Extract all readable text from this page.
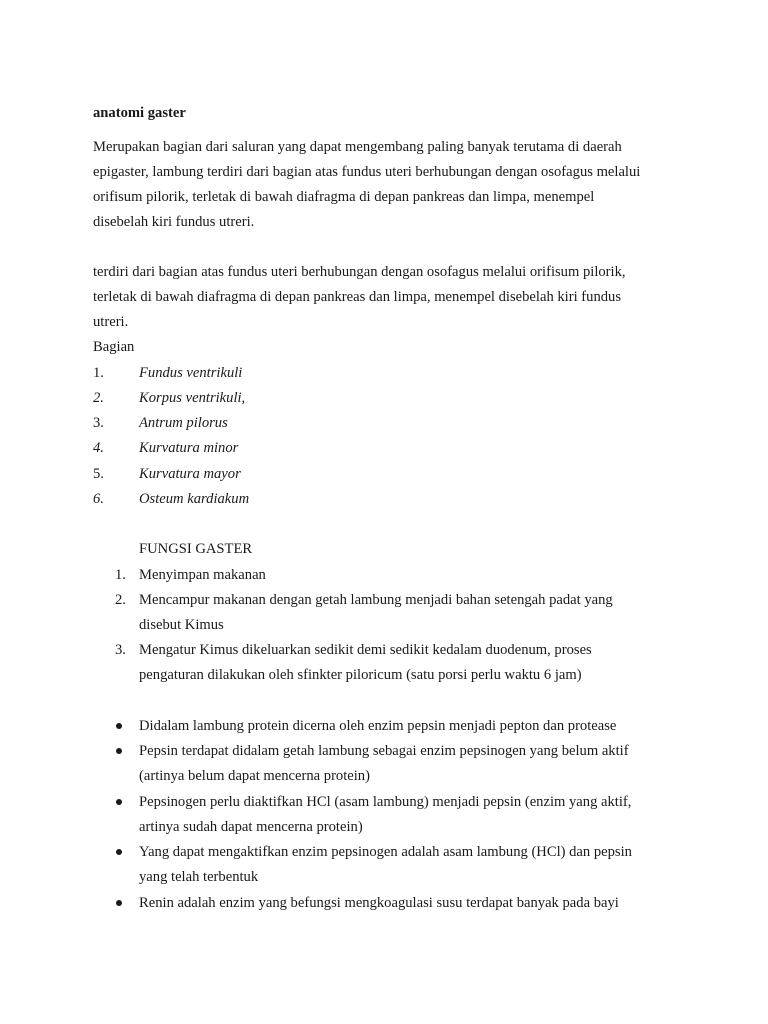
anatomi gaster
Merupakan bagian dari saluran yang dapat mengembang paling banyak terutama di daerah
epigaster, lambung terdiri dari bagian atas fundus uteri berhubungan dengan osofagus melalui
orifisum pilorik, terletak di bawah diafragma di depan pankreas dan limpa, menempel
disebelah kiri fundus utreri.
terdiri dari bagian atas fundus uteri berhubungan dengan osofagus melalui orifisum pilorik,
terletak di bawah diafragma di depan pankreas dan limpa, menempel disebelah kiri fundus
utreri.
Bagian
1. Fundus ventrikuli
2. Korpus ventrikuli,
3. Antrum pilorus
4. Kurvatura minor
5. Kurvatura mayor
6. Osteum kardiakum
FUNGSI GASTER
1. Menyimpan makanan
2. Mencampur makanan dengan getah lambung menjadi bahan setengah padat yang
disebut Kimus
3. Mengatur Kimus dikeluarkan sedikit demi sedikit kedalam duodenum, proses
pengaturan dilakukan oleh sfinkter piloricum (satu porsi perlu waktu 6 jam)
Didalam lambung protein dicerna oleh enzim pepsin menjadi pepton dan protease
Pepsin terdapat didalam getah lambung sebagai enzim pepsinogen yang belum aktif
(artinya belum dapat mencerna protein)
Pepsinogen perlu diaktifkan HCl (asam lambung) menjadi pepsin (enzim yang aktif,
artinya sudah dapat mencerna protein)
Yang dapat mengaktifkan enzim pepsinogen adalah asam lambung (HCl) dan pepsin
yang telah terbentuk
Renin adalah enzim yang befungsi mengkoagulasi susu terdapat banyak pada bayi
